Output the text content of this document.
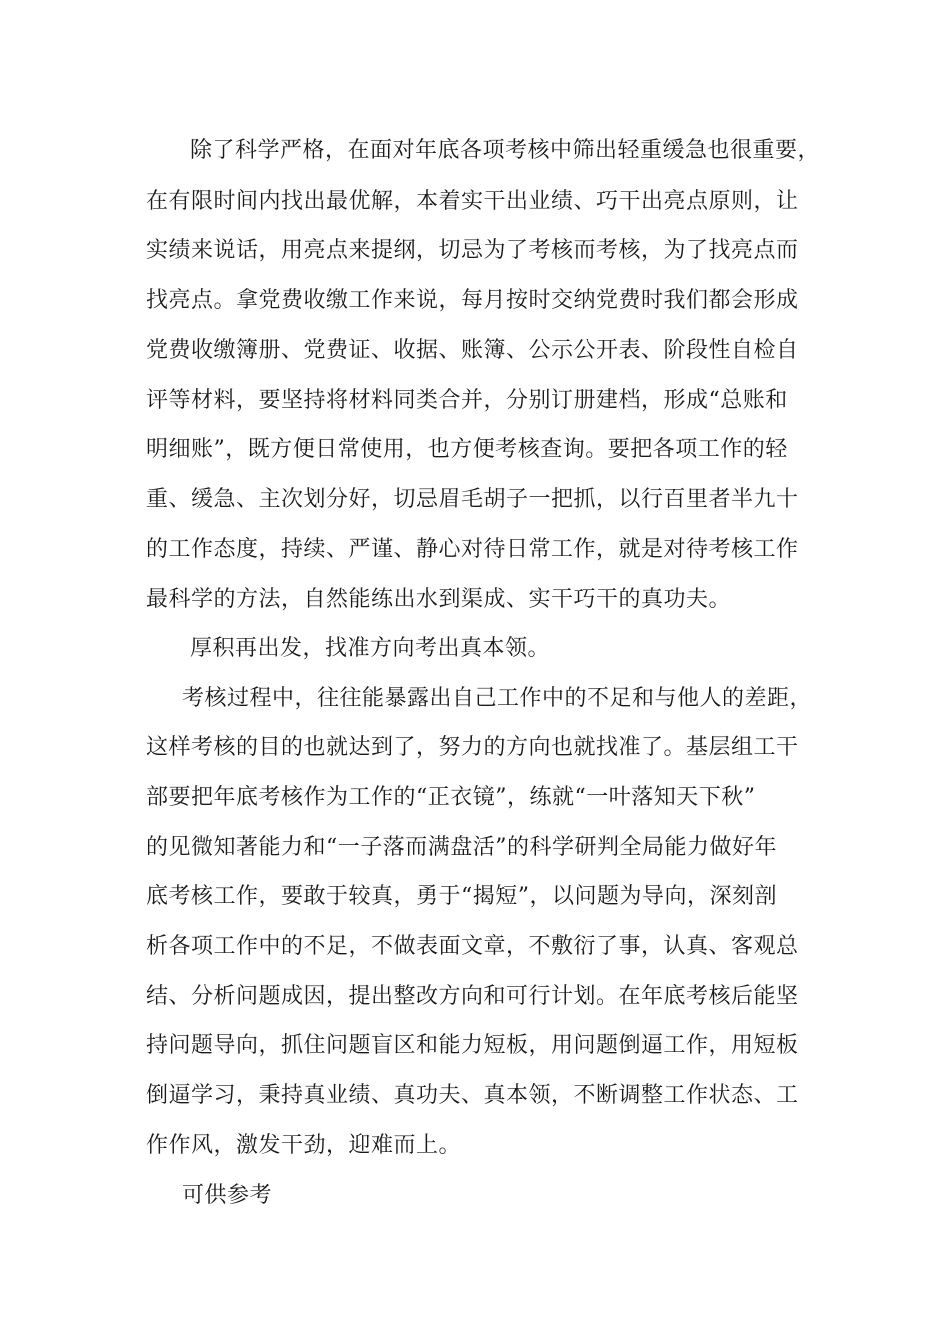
除了科学严格，在面对年底各项考核中筛出轻重缓急也很重要，
在有限时间内找出最优解，本着实干出业绩、巧干出亮点原则，让
实绩来说话，用亮点来提纲，切忌为了考核而考核，为了找亮点而
找亮点。拿党费收缴工作来说，每月按时交纳党费时我们都会形成
党费收缴簿册、党费证、收据、账簿、公示公开表、阶段性自检自
评等材料，要坚持将材料同类合并，分别订册建档，形成“总账和
明细账”，既方便日常使用，也方便考核查询。要把各项工作的轻
重、缓急、主次划分好，切忌眉毛胡子一把抓，以行百里者半九十
的工作态度，持续、严谨、静心对待日常工作，就是对待考核工作
最科学的方法，自然能练出水到渠成、实干巧干的真功夫。
厚积再出发，找准方向考出真本领。
考核过程中，往往能暴露出自己工作中的不足和与他人的差距，
这样考核的目的也就达到了，努力的方向也就找准了。基层组工干
部要把年底考核作为工作的“正衣镜”，练就“一叶落知天下秋”
的见微知著能力和“一子落而满盘活”的科学研判全局能力做好年
底考核工作，要敢于较真，勇于“揭短”，以问题为导向，深刻剖
析各项工作中的不足，不做表面文章，不敷衍了事，认真、客观总
结、分析问题成因，提出整改方向和可行计划。在年底考核后能坚
持问题导向，抓住问题盲区和能力短板，用问题倒逼工作，用短板
倒逼学习，秉持真业绩、真功夫、真本领，不断调整工作状态、工
作作风，激发干劲，迎难而上。
可供参考
